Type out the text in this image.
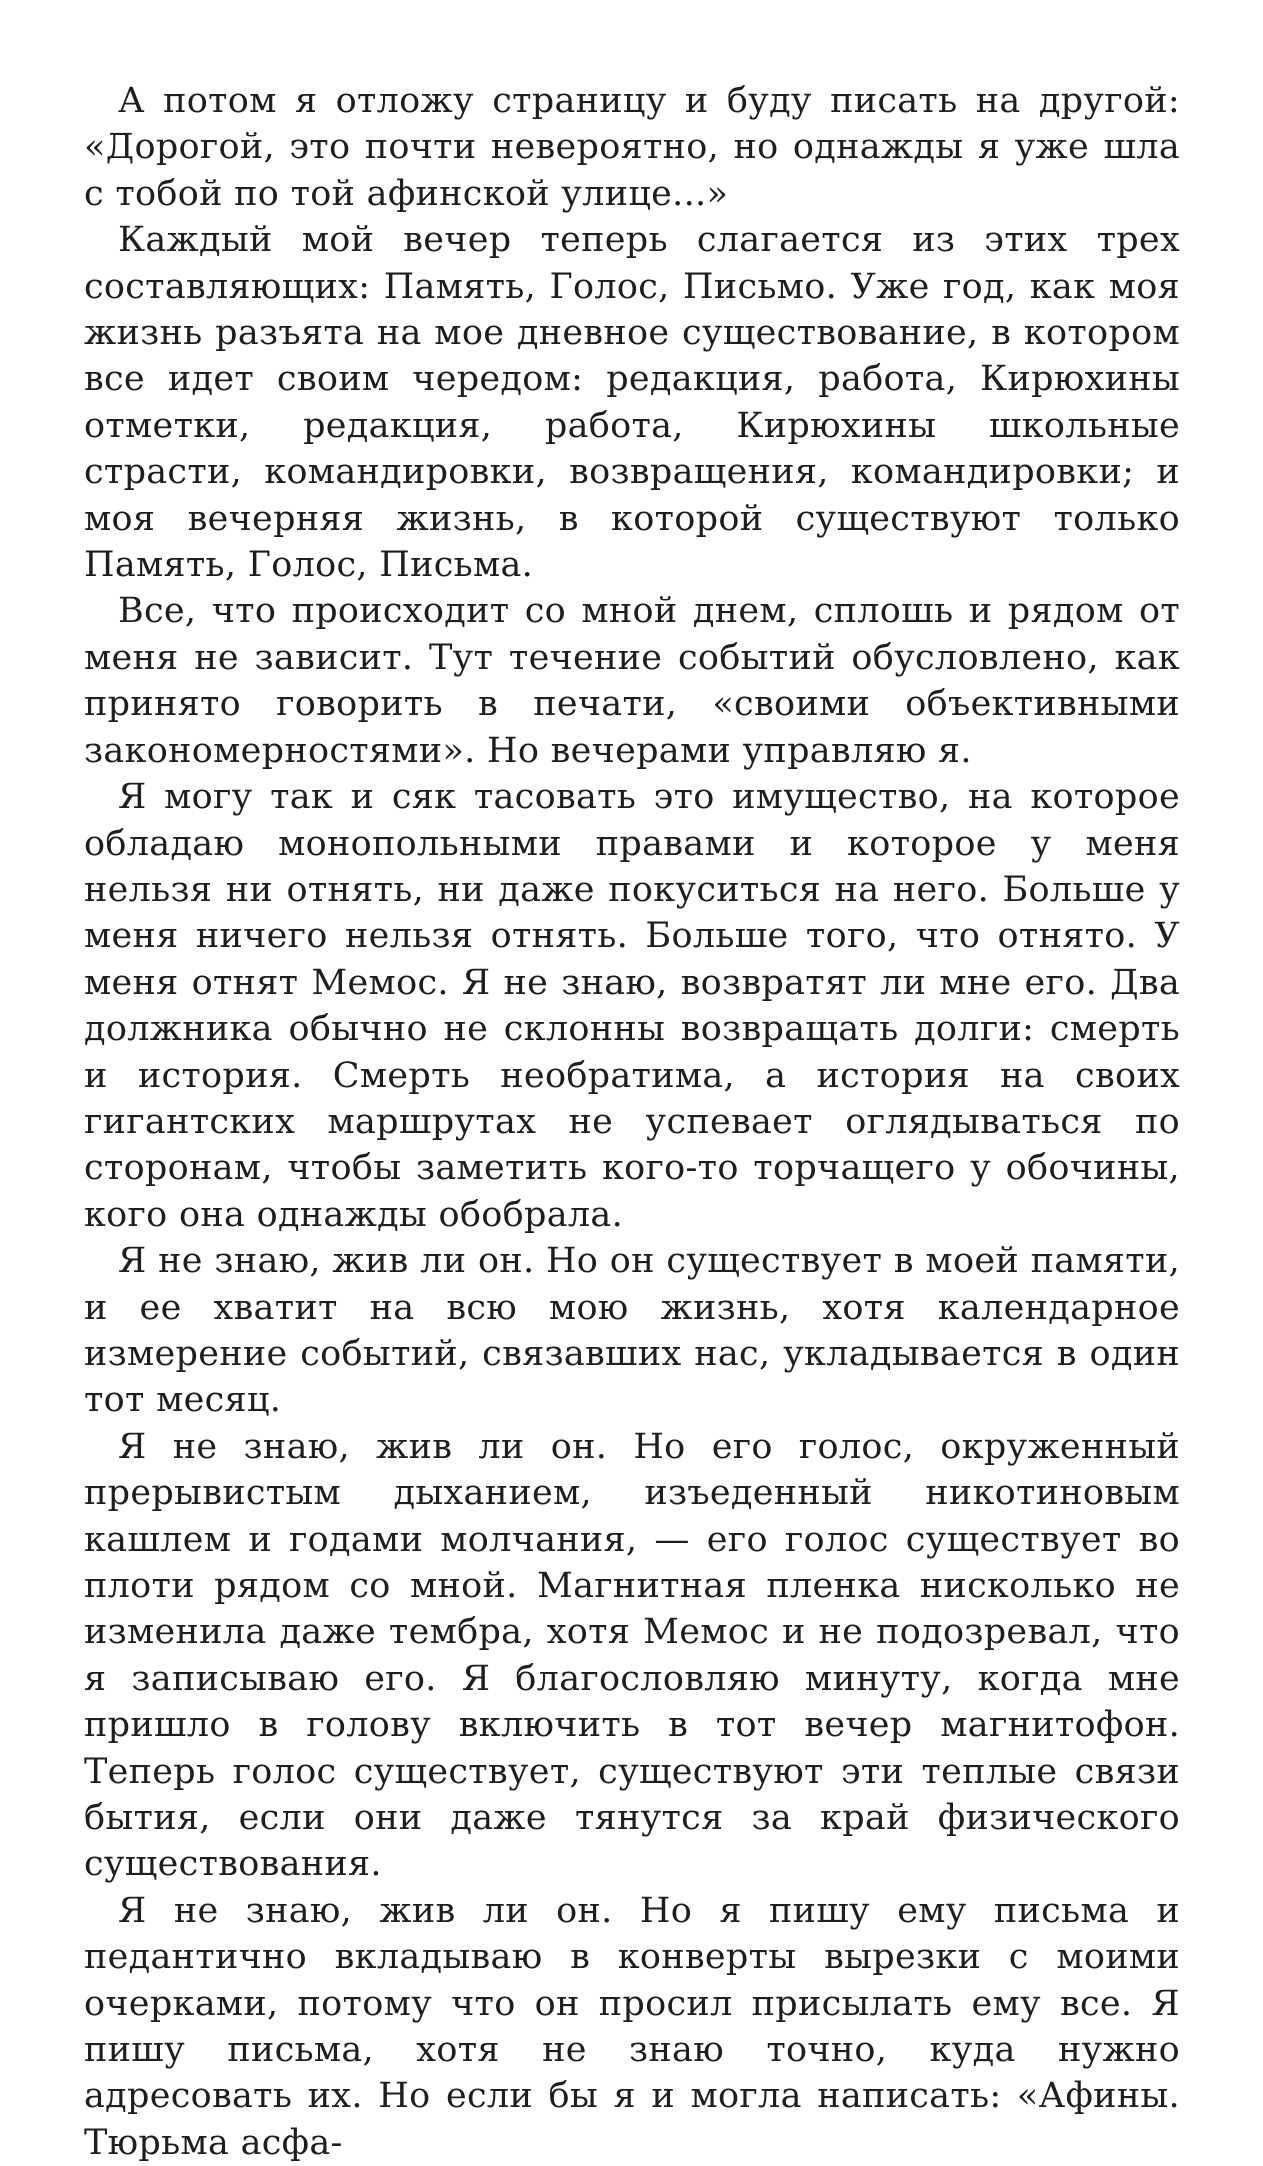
А потом я отложу страницу и буду писать на другой: «Дорогой, это почти невероятно, но однажды я уже шла с тобой по той афинской улице...»

Каждый мой вечер теперь слагается из этих трех составляющих: Память, Голос, Письмо. Уже год, как моя жизнь разъята на мое дневное существование, в котором все идет своим чередом: редакция, работа, Кирюхины отметки, редакция, работа, Кирюхины школьные страсти, командировки, возвращения, командировки; и моя вечерняя жизнь, в которой существуют только Память, Голос, Письма.

Все, что происходит со мной днем, сплошь и рядом от меня не зависит. Тут течение событий обусловлено, как принято говорить в печати, «своими объективными закономерностями». Но вечерами управляю я.

Я могу так и сяк тасовать это имущество, на которое обладаю монопольными правами и которое у меня нельзя ни отнять, ни даже покуситься на него. Больше у меня ничего нельзя отнять. Больше того, что отнято. У меня отнят Мемос. Я не знаю, возвратят ли мне его. Два должника обычно не склонны возвращать долги: смерть и история. Смерть необратима, а история на своих гигантских маршрутах не успевает оглядываться по сторонам, чтобы заметить кого-то торчащего у обочины, кого она однажды обобрала.

Я не знаю, жив ли он. Но он существует в моей памяти, и ее хватит на всю мою жизнь, хотя календарное измерение событий, связавших нас, укладывается в один тот месяц.

Я не знаю, жив ли он. Но его голос, окруженный прерывистым дыханием, изъеденный никотиновым кашлем и годами молчания, — его голос существует во плоти рядом со мной. Магнитная пленка нисколько не изменила даже тембра, хотя Мемос и не подозревал, что я записываю его. Я благословляю минуту, когда мне пришло в голову включить в тот вечер магнитофон. Теперь голос существует, существуют эти теплые связи бытия, если они даже тянутся за край физического существования.

Я не знаю, жив ли он. Но я пишу ему письма и педантично вкладываю в конверты вырезки с моими очерками, потому что он просил присылать ему все. Я пишу письма, хотя не знаю точно, куда нужно адресовать их. Но если бы я и могла написать: «Афины. Тюрьма асфа-
